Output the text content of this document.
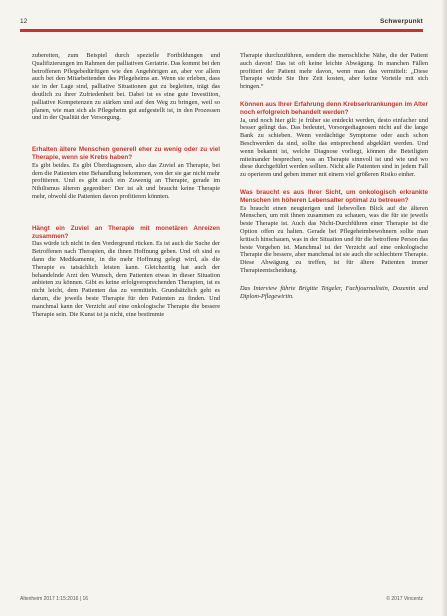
12	Schwerpunkt

zubereiten, zum Beispiel durch spezielle Fortbildungen und Qualifizierungen im Rahmen der palliativen Geriatrie. Das kommt bei den betroffenen Pflegebedürftigen wie den Angehörigen an, aber vor allem auch bei den Mitarbeitenden des Pflegeheims an. Wenn sie erleben, dass sie in der Lage sind, palliative Situationen gut zu begleiten, trägt das deutlich zu ihrer Zufriedenheit bei. Dabei ist es eine gute Investition, palliative Kompetenzen zu stärken und auf den Weg zu bringen, weil so planen, wie man sich als Pflegeheim gut aufgestellt ist, in den Prozessen und in der Qualität der Versorgung.

Erhalten ältere Menschen generell eher zu wenig oder zu viel Therapie, wenn sie Krebs haben?

Es gibt beides. Es gibt Überdiagnosen, also das Zuviel an Therapie, bei dem die Patienten eine Behandlung bekommen, von der sie gar nicht mehr profitieren. Und es gibt auch ein Zuwenig an Therapie, gerade im Nihilismus älteren gegenüber: Der ist alt und braucht keine Therapie mehr, obwohl die Patienten davon profitieren könnten.

Hängt ein Zuviel an Therapie mit monetären Anreizen zusammen?

Das würde ich nicht in den Vordergrund rücken. Es ist auch die Suche der Betroffenen nach Therapien, die ihnen Hoffnung geben. Und oft sind es dann die Medikamente, in die mehr Hoffnung gelegt wird, als die Therapie es tatsächlich leisten kann. Gleichzeitig hat auch der behandelnde Arzt den Wunsch, dem Patienten etwas in dieser Situation anbieten zu können. Gibt es keine erfolgversprechenden Therapien, ist es nicht leicht, dem Patienten das zu vermitteln. Grundsätzlich geht es darum, die jeweils beste Therapie für den Patienten zu finden. Und manchmal kann der Verzicht auf eine onkologische Therapie die bessere Therapie sein. Die Kunst ist ja nicht, eine bestimmte

Therapie durchzuführen, sondern die menschliche Nähe, die der Patient auch davon! Das ist oft keine leichte Abwägung. In manchen Fällen profitiert der Patient mehr davon, wenn man das vermittelt: „Diese Therapie würde Sie Ihre Zeit kosten, aber keine Vorteile mit sich bringen.“

Können aus Ihrer Erfahrung denn Krebserkrankungen im Alter noch erfolgreich behandelt werden?

Ja, und noch hier gilt: je früher sie entdeckt werden, desto einfacher und besser gelingt das. Das bedeutet, Vorsorgediagnosen nicht auf die lange Bank zu schieben. Wenn verdächtige Symptome oder auch schon Beschwerden da sind, sollte das entsprechend abgeklärt werden. Und wenn bekannt ist, welche Diagnose vorliegt, können die Beteiligten miteinander besprechen, was an Therapie sinnvoll ist und wie und wo diese durchgeführt werden sollten. Nicht alle Patienten sind in jedem Fall zu operieren und geben immer mit einem viel größeren Risiko einher.

Was braucht es aus Ihrer Sicht, um onkologisch erkrankte Menschen im höheren Lebensalter optimal zu betreuen?

Es braucht einen neugierigen und liebevollen Blick auf die älteren Menschen, um mit ihnen zusammen zu schauen, was die für sie jeweils beste Therapie ist. Auch das Nicht-Durchführen einer Therapie ist die Option offen zu halten. Gerade bei Pflegeheimbewohnern sollte man kritisch hinschauen, was in der Situation und für die betroffene Person das beste Vorgehen ist. Manchmal ist der Verzicht auf eine onkologische Therapie die bessere, aber manchmal ist sie auch die schlechtere Therapie. Diese Abwägung zu treffen, ist für ältere Patienten immer Therapieentscheidung.

Das Interview führte Brigitte Teigeler, Fachjournalistin, Dozentin und Diplom-Pflegewirtin.

Altenheim 2017 1:15:2016 | 16	© 2017 Vincentz
